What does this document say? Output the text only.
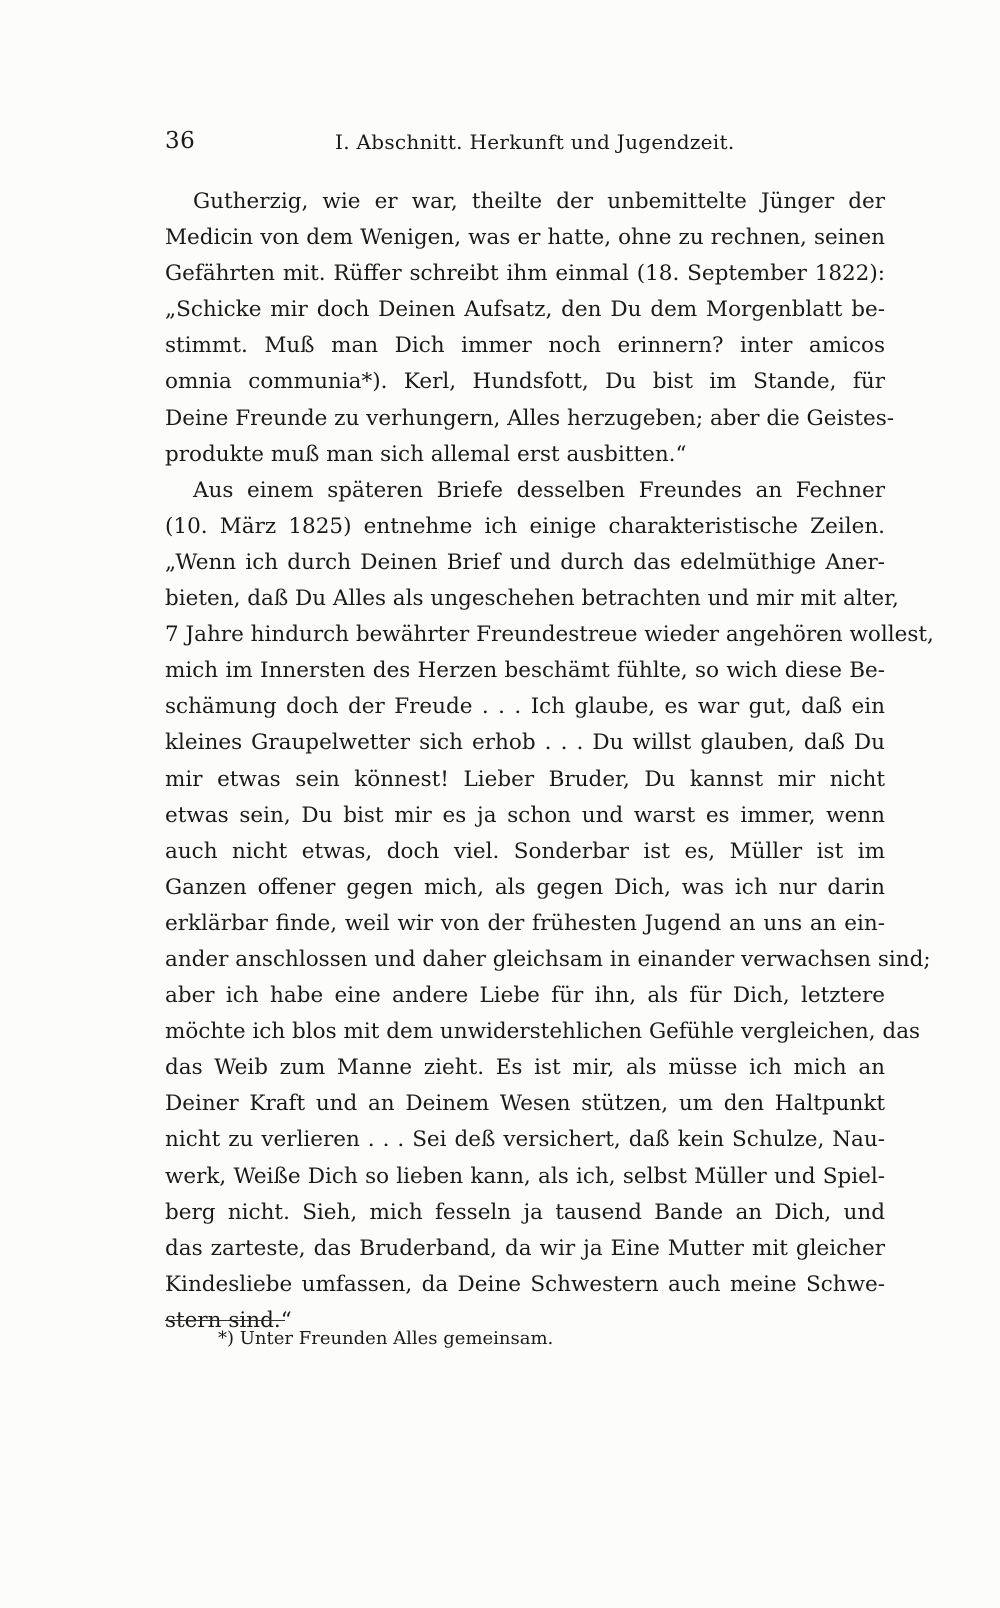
36	I. Abschnitt. Herkunft und Jugendzeit.
Gutherzig, wie er war, theilte der unbemittelte Jünger der
Medicin von dem Wenigen, was er hatte, ohne zu rechnen, seinen
Gefährten mit. Rüffer schreibt ihm einmal (18. September 1822):
„Schicke mir doch Deinen Aufsatz, den Du dem Morgenblatt be-
stimmt. Muß man Dich immer noch erinnern? inter amicos
omnia communia*). Kerl, Hundsfott, Du bist im Stande, für
Deine Freunde zu verhungern, Alles herzugeben; aber die Geistes-
produkte muß man sich allemal erst ausbitten.“
Aus einem späteren Briefe desselben Freundes an Fechner
(10. März 1825) entnehme ich einige charakteristische Zeilen.
„Wenn ich durch Deinen Brief und durch das edelmüthige Aner-
bieten, daß Du Alles als ungeschehen betrachten und mir mit alter,
7 Jahre hindurch bewährter Freundestreue wieder angehören wollest,
mich im Innersten des Herzen beschämt fühlte, so wich diese Be-
schämung doch der Freude . . . Ich glaube, es war gut, daß ein
kleines Graupelwetter sich erhob . . . Du willst glauben, daß Du
mir etwas sein könnest! Lieber Bruder, Du kannst mir nicht
etwas sein, Du bist mir es ja schon und warst es immer, wenn
auch nicht etwas, doch viel. Sonderbar ist es, Müller ist im
Ganzen offener gegen mich, als gegen Dich, was ich nur darin
erklärbar finde, weil wir von der frühesten Jugend an uns an ein-
ander anschlossen und daher gleichsam in einander verwachsen sind;
aber ich habe eine andere Liebe für ihn, als für Dich, letztere
möchte ich blos mit dem unwiderstehlichen Gefühle vergleichen, das
das Weib zum Manne zieht. Es ist mir, als müsse ich mich an
Deiner Kraft und an Deinem Wesen stützen, um den Haltpunkt
nicht zu verlieren . . . Sei deß versichert, daß kein Schulze, Nau-
werk, Weiße Dich so lieben kann, als ich, selbst Müller und Spiel-
berg nicht. Sieh, mich fesseln ja tausend Bande an Dich, und
das zarteste, das Bruderband, da wir ja Eine Mutter mit gleicher
Kindesliebe umfassen, da Deine Schwestern auch meine Schwe-
stern sind.“
*) Unter Freunden Alles gemeinsam.
